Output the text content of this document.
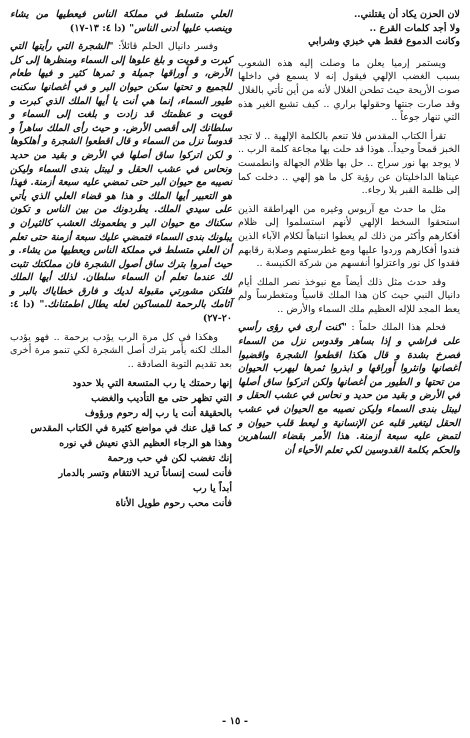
لان الحزن يكاد أن يقتلني..
ولا أجد كلمات القرع ..
وكانت الدموع فقط هي خبزي وشرابي

ويستمر إرميا يعلن ما وصلت إليه هذه الشعوب بسبب الغضب الإلهي فيقول إنه لا يسمع في داخلها صوت الأريحة حيث تطحن الغلال لأنه من أين تأتي بالغلال وقد صارت جنتها وحقولها براري .. كيف تشبع الغير هذه التي تنهار جوعاً ..

تقرأ الكتاب المقدس فلا تنعم بالكلمة الإلهية .. لا تجد الخبز قمحاً وحيداً.. هوذا قد حلت بها مجاعة كلمة الرب .. لا يوجد بها نور سراج .. حل بها ظلام الجهالة وانطمست عيناها الداخليتان عن رؤية كل ما هو إلهي .. دخلت كما إلى ظلمة القبر بلا رجاء..

مثل ما حدث مع آريوس وغيره من الهراطقة الذين استحقوا السخط الإلهي لأنهم استسلموا إلى ظلام أفكارهم وأكثر من ذلك لم يعطوا انتباهاً لكلام الآباء الذين فندوا أفكارهم وردوا عليها ومع غطرستهم وصلابة رقابهم فقدوا كل نور واعتزلوا أنفسهم من شركة الكنيسة ..

وقد حدث مثل ذلك أيضاً مع نبوخذ نصر الملك أيام دانيال النبي حيث كان هذا الملك قاسياً ومتغطرساً ولم يعط المجد للإله العظيم ملك السماء والأرض ..

فحلم هذا الملك حلماً : "كنت أرى في رؤى رأسي على فراشي و إذا بساهر وقدوس نزل من السماء فصرخ بشدة و قال هكذا اقطعوا الشجرة واقضبوا أغصانها وانثروا أوراقها و ابذروا ثمرها ليهرب الحيوان من تحتها و الطيور من أغصانها ولكن اتركوا ساق أصلها في الأرض و بقيد من حديد و نحاس في عشب الحقل و ليبتل بندى السماء وليكن نصيبه مع الحيوان في عشب الحقل ليتغير قلبه عن الإنسانية و ليعط قلب حيوان و لتمض عليه سبعة أزمنة. هذا الأمر بقضاء الساهرين والحكم بكلمة القدوسين لكي تعلم الأحياء أن

العلي متسلط في مملكة الناس فيعطيها من يشاء وينصب عليها أدنى الناس" (دا ٤: ١٣-١٧)

وفسر دانيال الحلم قائلاً: "الشجرة التي رأيتها التي كبرت و قويت و بلغ علوها إلى السماء ومنظرها إلى كل الأرض، و أوراقها جميلة و ثمرها كثير و فيها طعام للجميع و تحتها سكن حيوان البر و في أغصانها سكنت طيور السماء، إنما هي أنت يا أيها الملك الذي كبرت و قويت و عظمتك قد زادت و بلغت إلى السماء و سلطانك إلى أقصى الأرض. و حيث رأى الملك ساهراً و قدوساً نزل من السماء و قال اقطعوا الشجرة و أهلكوها و لكن اتركوا ساق أصلها في الأرض و بقيد من حديد ونحاس في عشب الحقل و ليبتل بندى السماء وليكن نصيبه مع حيوان البر حتى تمضي عليه سبعة أزمنة. فهذا هو التعبير أيها الملك و هذا هو قضاء العلي الذي يأتي على سيدي الملك. يطردونك من بين الناس و تكون سكناك مع حيوان البر و يطعمونك العشب كالثيران و يبلونك بندى السماء فتمضي عليك سبعة أزمنة حتى تعلم أن العلي متسلط في مملكة الناس ويعطيها من يشاء. و حيث أمروا بترك ساق أصول الشجرة فان مملكتك تثبت لك عندما تعلم أن السماء سلطان. لذلك أيها الملك فلتكن مشورتي مقبولة لديك و فارق خطاياك بالبر و آثامك بالرحمة للمساكين لعله يطال اطمئنانك." (دا ٤: ٢٠-٢٧)

وهكذا في كل مرة الرب يؤدب برحمة .. فهو يؤدب الملك لكنه يأمر بترك أصل الشجرة لكي تنمو مرة أخرى بعد تقديم التوبة الصادقة ..

إنها رحمتك يا رب المتسعة التي بلا حدود
التي تظهر حتى مع التأديب والغضب
بالحقيقة أنت يا رب إله رحوم ورؤوف
كما قيل عنك في مواضع كثيرة في الكتاب المقدس
وهذا هو الرجاء العظيم الذي نعيش في نوره
إنك تغضب لكن في حب ورحمة
فأنت لست إنساناً تريد الانتقام وتسر بالدمار
أبداً يا رب
فأنت محب رحوم طويل الأناة
- ١٥ -
